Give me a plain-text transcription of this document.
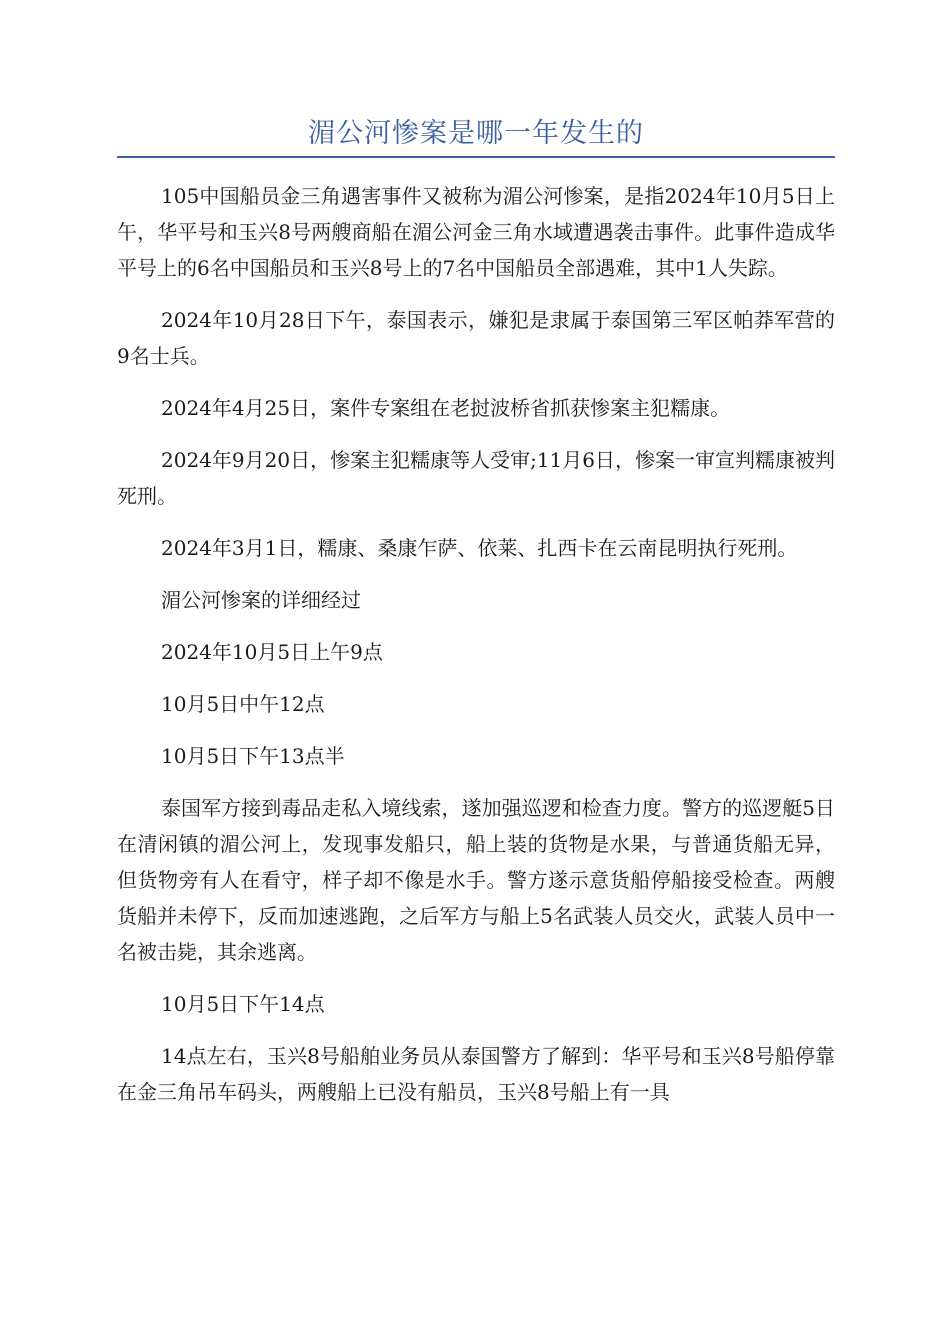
湄公河惨案是哪一年发生的

105中国船员金三角遇害事件又被称为湄公河惨案，是指2024年10月5日上午，华平号和玉兴8号两艘商船在湄公河金三角水域遭遇袭击事件。此事件造成华平号上的6名中国船员和玉兴8号上的7名中国船员全部遇难，其中1人失踪。

2024年10月28日下午，泰国表示，嫌犯是隶属于泰国第三军区帕莽军营的9名士兵。

2024年4月25日，案件专案组在老挝波桥省抓获惨案主犯糯康。

2024年9月20日，惨案主犯糯康等人受审;11月6日，惨案一审宣判糯康被判死刑。

2024年3月1日，糯康、桑康乍萨、依莱、扎西卡在云南昆明执行死刑。

湄公河惨案的详细经过

2024年10月5日上午9点

10月5日中午12点

10月5日下午13点半

泰国军方接到毒品走私入境线索，遂加强巡逻和检查力度。警方的巡逻艇5日在清闲镇的湄公河上，发现事发船只，船上装的货物是水果，与普通货船无异，但货物旁有人在看守，样子却不像是水手。警方遂示意货船停船接受检查。两艘货船并未停下，反而加速逃跑，之后军方与船上5名武装人员交火，武装人员中一名被击毙，其余逃离。

10月5日下午14点

14点左右，玉兴8号船舶业务员从泰国警方了解到：华平号和玉兴8号船停靠在金三角吊车码头，两艘船上已没有船员，玉兴8号船上有一具
